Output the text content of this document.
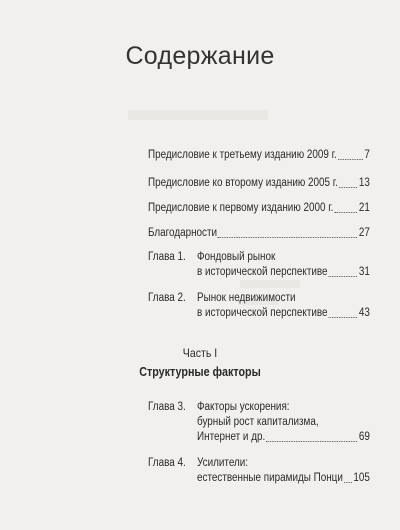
Содержание
Предисловие к третьему изданию 2009 г. 7
Предисловие ко второму изданию 2005 г. 13
Предисловие к первому изданию 2000 г. 21
Благодарности	27
Глава 1. Фондовый рынок
в исторической перспективе	31
Глава 2. Рынок недвижимости
в исторической перспективе	43
Часть I
Структурные факторы
Глава 3. Факторы ускорения:
бурный рост капитализма,
Интернет и др.	69
Глава 4. Усилители:
естественные пирамиды Понци 105
